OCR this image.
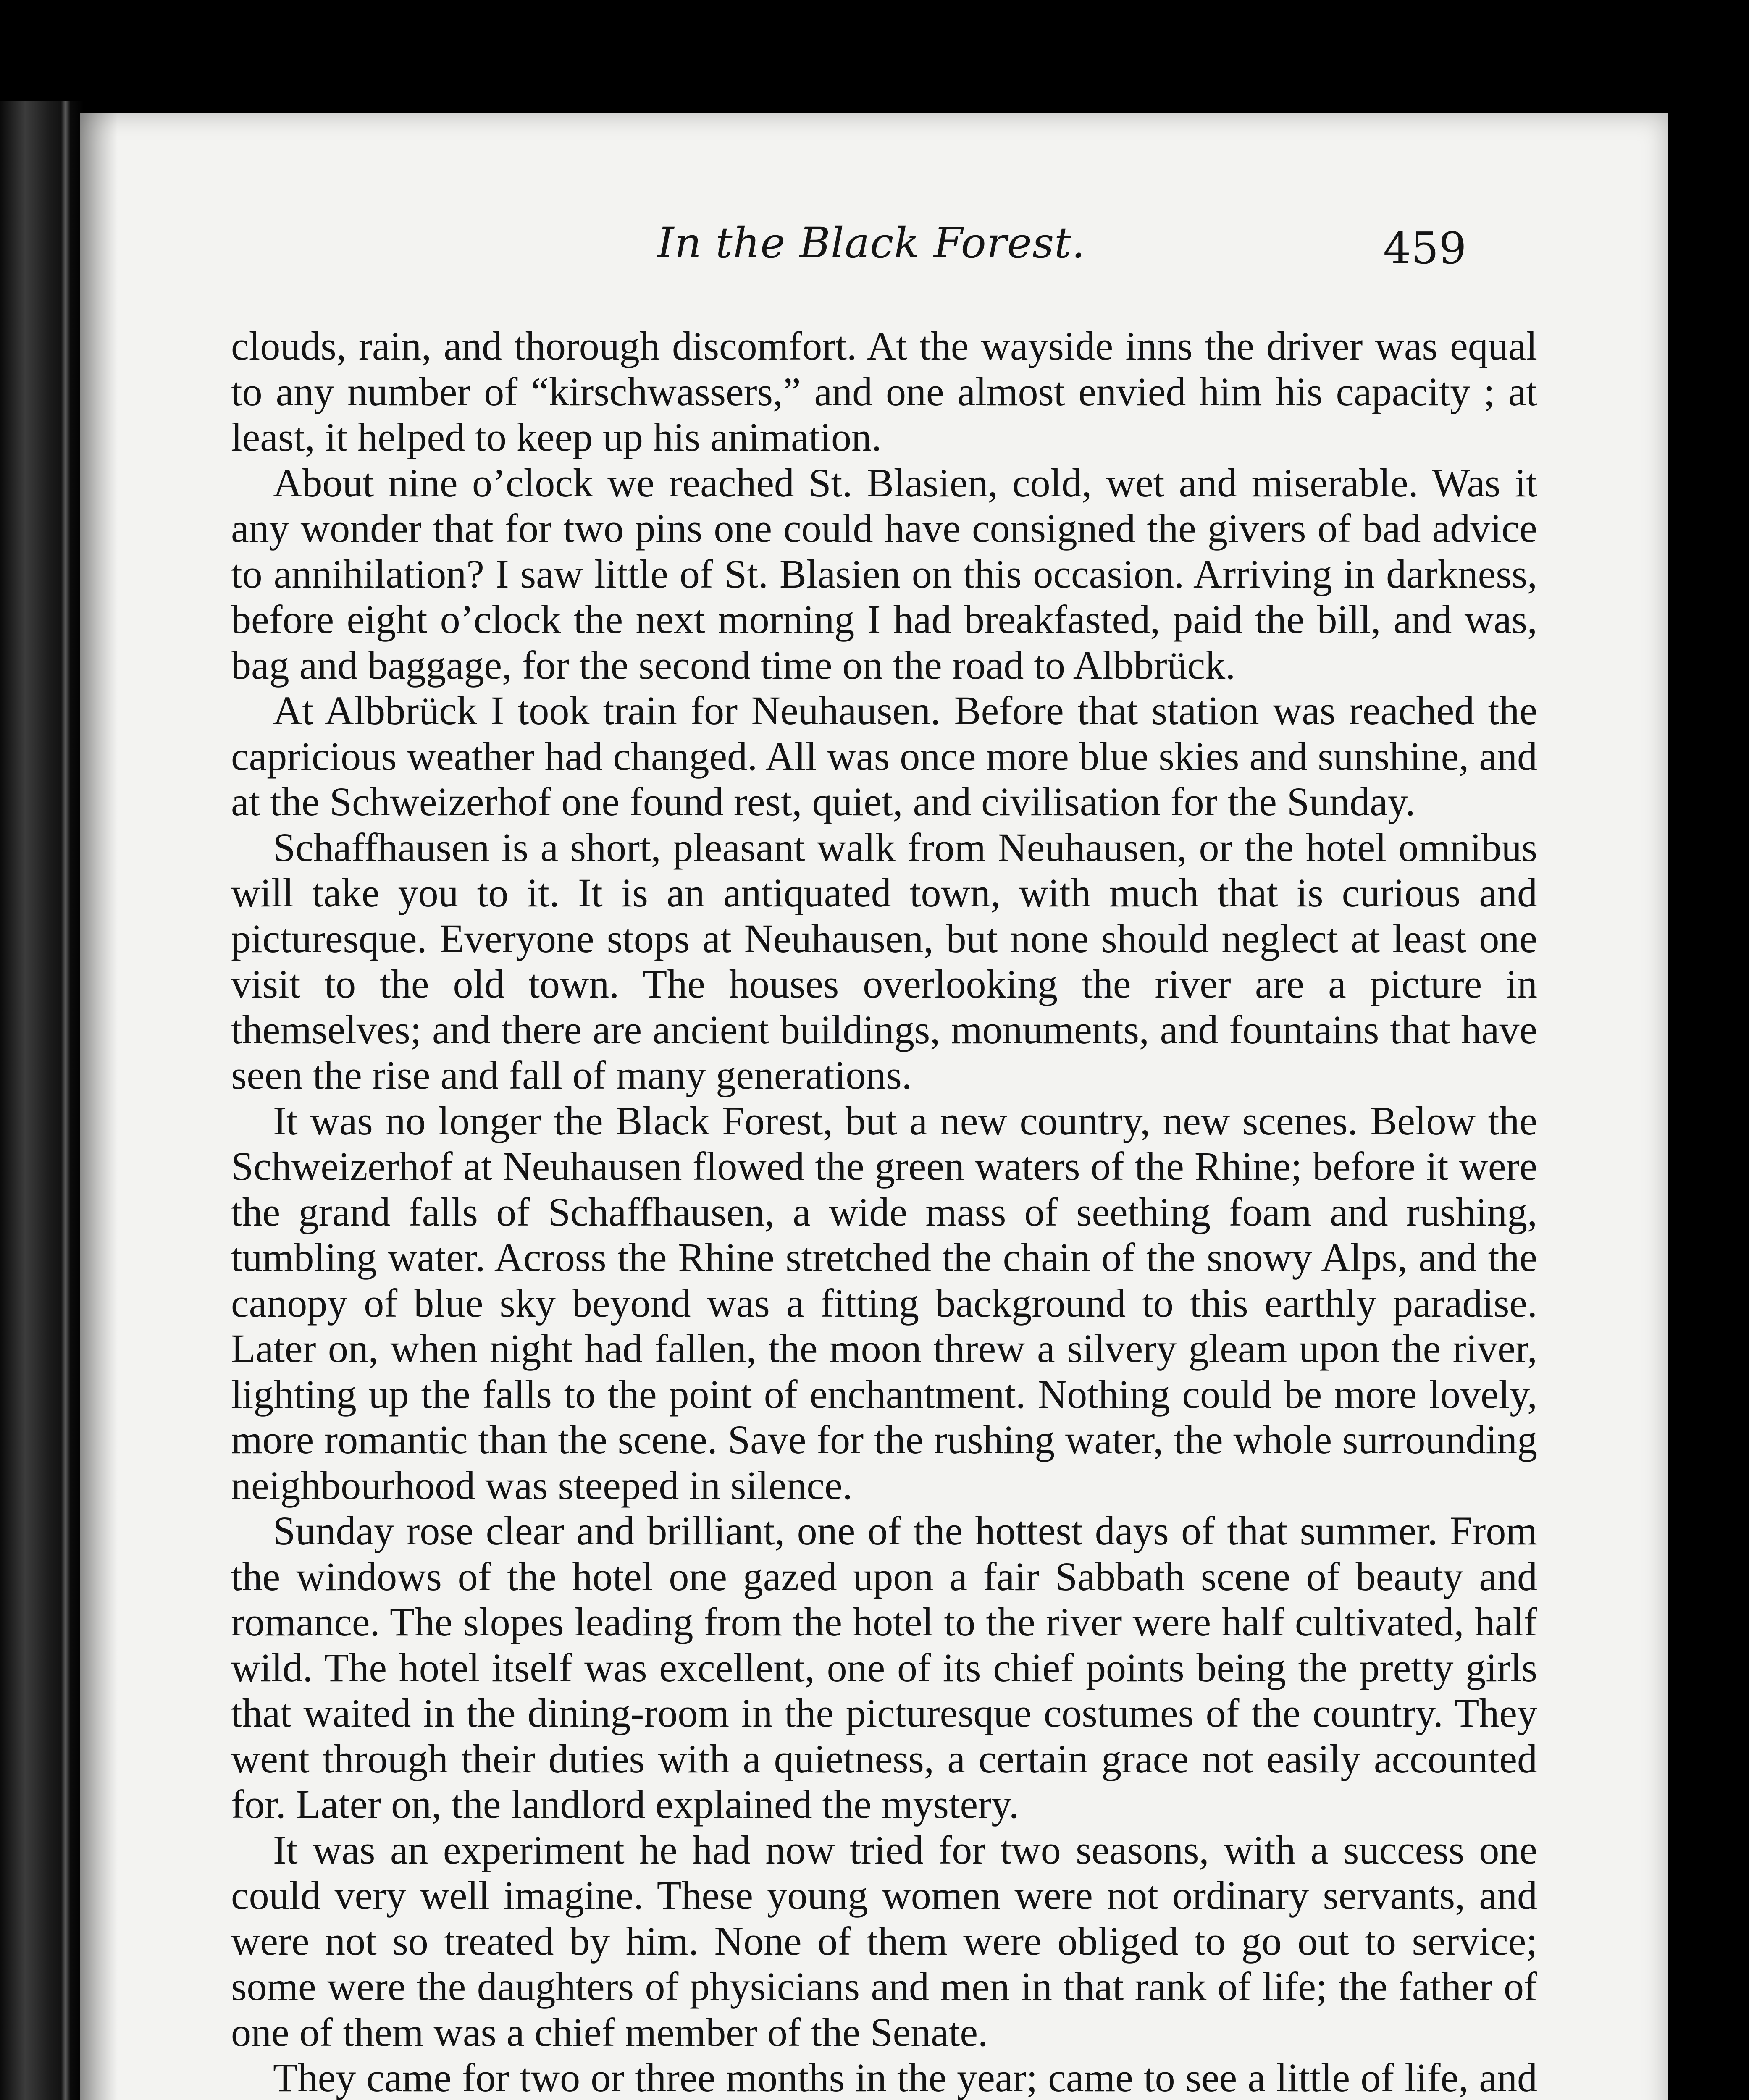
In the Black Forest.	459

clouds, rain, and thorough discomfort. At the wayside inns the driver was equal to any number of “kirschwassers,” and one almost envied him his capacity ; at least, it helped to keep up his animation.

About nine o’clock we reached St. Blasien, cold, wet and miserable. Was it any wonder that for two pins one could have consigned the givers of bad advice to annihilation? I saw little of St. Blasien on this occasion. Arriving in darkness, before eight o’clock the next morning I had breakfasted, paid the bill, and was, bag and baggage, for the second time on the road to Albbrück.

At Albbrück I took train for Neuhausen. Before that station was reached the capricious weather had changed. All was once more blue skies and sunshine, and at the Schweizerhof one found rest, quiet, and civilisation for the Sunday.

Schaffhausen is a short, pleasant walk from Neuhausen, or the hotel omnibus will take you to it. It is an antiquated town, with much that is curious and picturesque. Everyone stops at Neuhausen, but none should neglect at least one visit to the old town. The houses overlooking the river are a picture in themselves; and there are ancient buildings, monuments, and fountains that have seen the rise and fall of many generations.

It was no longer the Black Forest, but a new country, new scenes. Below the Schweizerhof at Neuhausen flowed the green waters of the Rhine; before it were the grand falls of Schaffhausen, a wide mass of seething foam and rushing, tumbling water. Across the Rhine stretched the chain of the snowy Alps, and the canopy of blue sky beyond was a fitting background to this earthly paradise. Later on, when night had fallen, the moon threw a silvery gleam upon the river, lighting up the falls to the point of enchantment. Nothing could be more lovely, more romantic than the scene. Save for the rushing water, the whole surrounding neighbourhood was steeped in silence.

Sunday rose clear and brilliant, one of the hottest days of that summer. From the windows of the hotel one gazed upon a fair Sabbath scene of beauty and romance. The slopes leading from the hotel to the river were half cultivated, half wild. The hotel itself was excellent, one of its chief points being the pretty girls that waited in the dining-room in the picturesque costumes of the country. They went through their duties with a quietness, a certain grace not easily accounted for. Later on, the landlord explained the mystery.

It was an experiment he had now tried for two seasons, with a success one could very well imagine. These young women were not ordinary servants, and were not so treated by him. None of them were obliged to go out to service; some were the daughters of physicians and men in that rank of life; the father of one of them was a chief member of the Senate.

They came for two or three months in the year; came to see a little of life, and
